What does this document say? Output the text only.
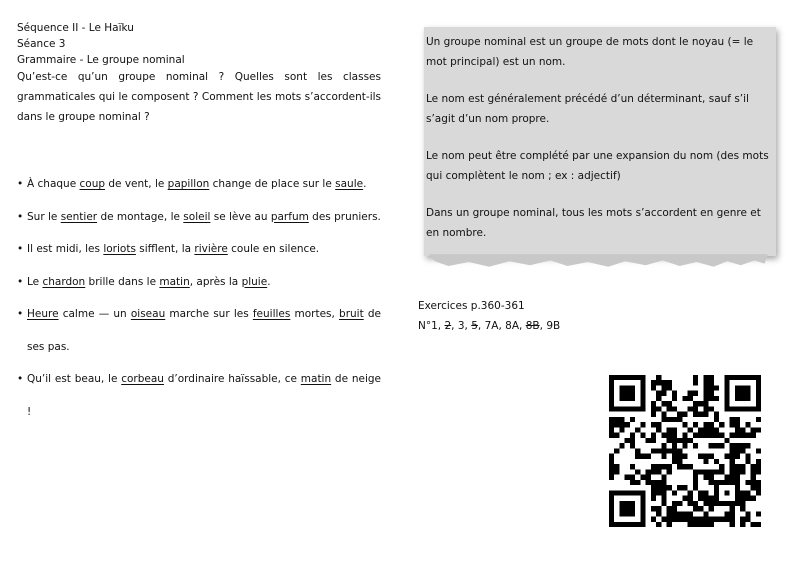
Séquence II - Le Haïku
Séance 3
Grammaire - Le groupe nominal
Qu’est-ce qu’un groupe nominal ? Quelles sont les classes grammaticales qui le composent ? Comment les mots s’accordent-ils dans le groupe nominal ?
• À chaque coup de vent, le papillon change de place sur le saule.
• Sur le sentier de montage, le soleil se lève au parfum des pruniers.
• Il est midi, les loriots sifflent, la rivière coule en silence.
• Le chardon brille dans le matin, après la pluie.
• Heure calme — un oiseau marche sur les feuilles mortes, bruit de ses pas.
• Qu’il est beau, le corbeau d’ordinaire haïssable, ce matin de neige !

Un groupe nominal est un groupe de mots dont le noyau (= le mot principal) est un nom.

Le nom est généralement précédé d’un déterminant, sauf s’il s’agit d’un nom propre.

Le nom peut être complété par une expansion du nom (des mots qui complètent le nom ; ex : adjectif)

Dans un groupe nominal, tous les mots s’accordent en genre et en nombre.

Exercices p.360-361
N°1, 2, 3, 5, 7A, 8A, 8B, 9B
